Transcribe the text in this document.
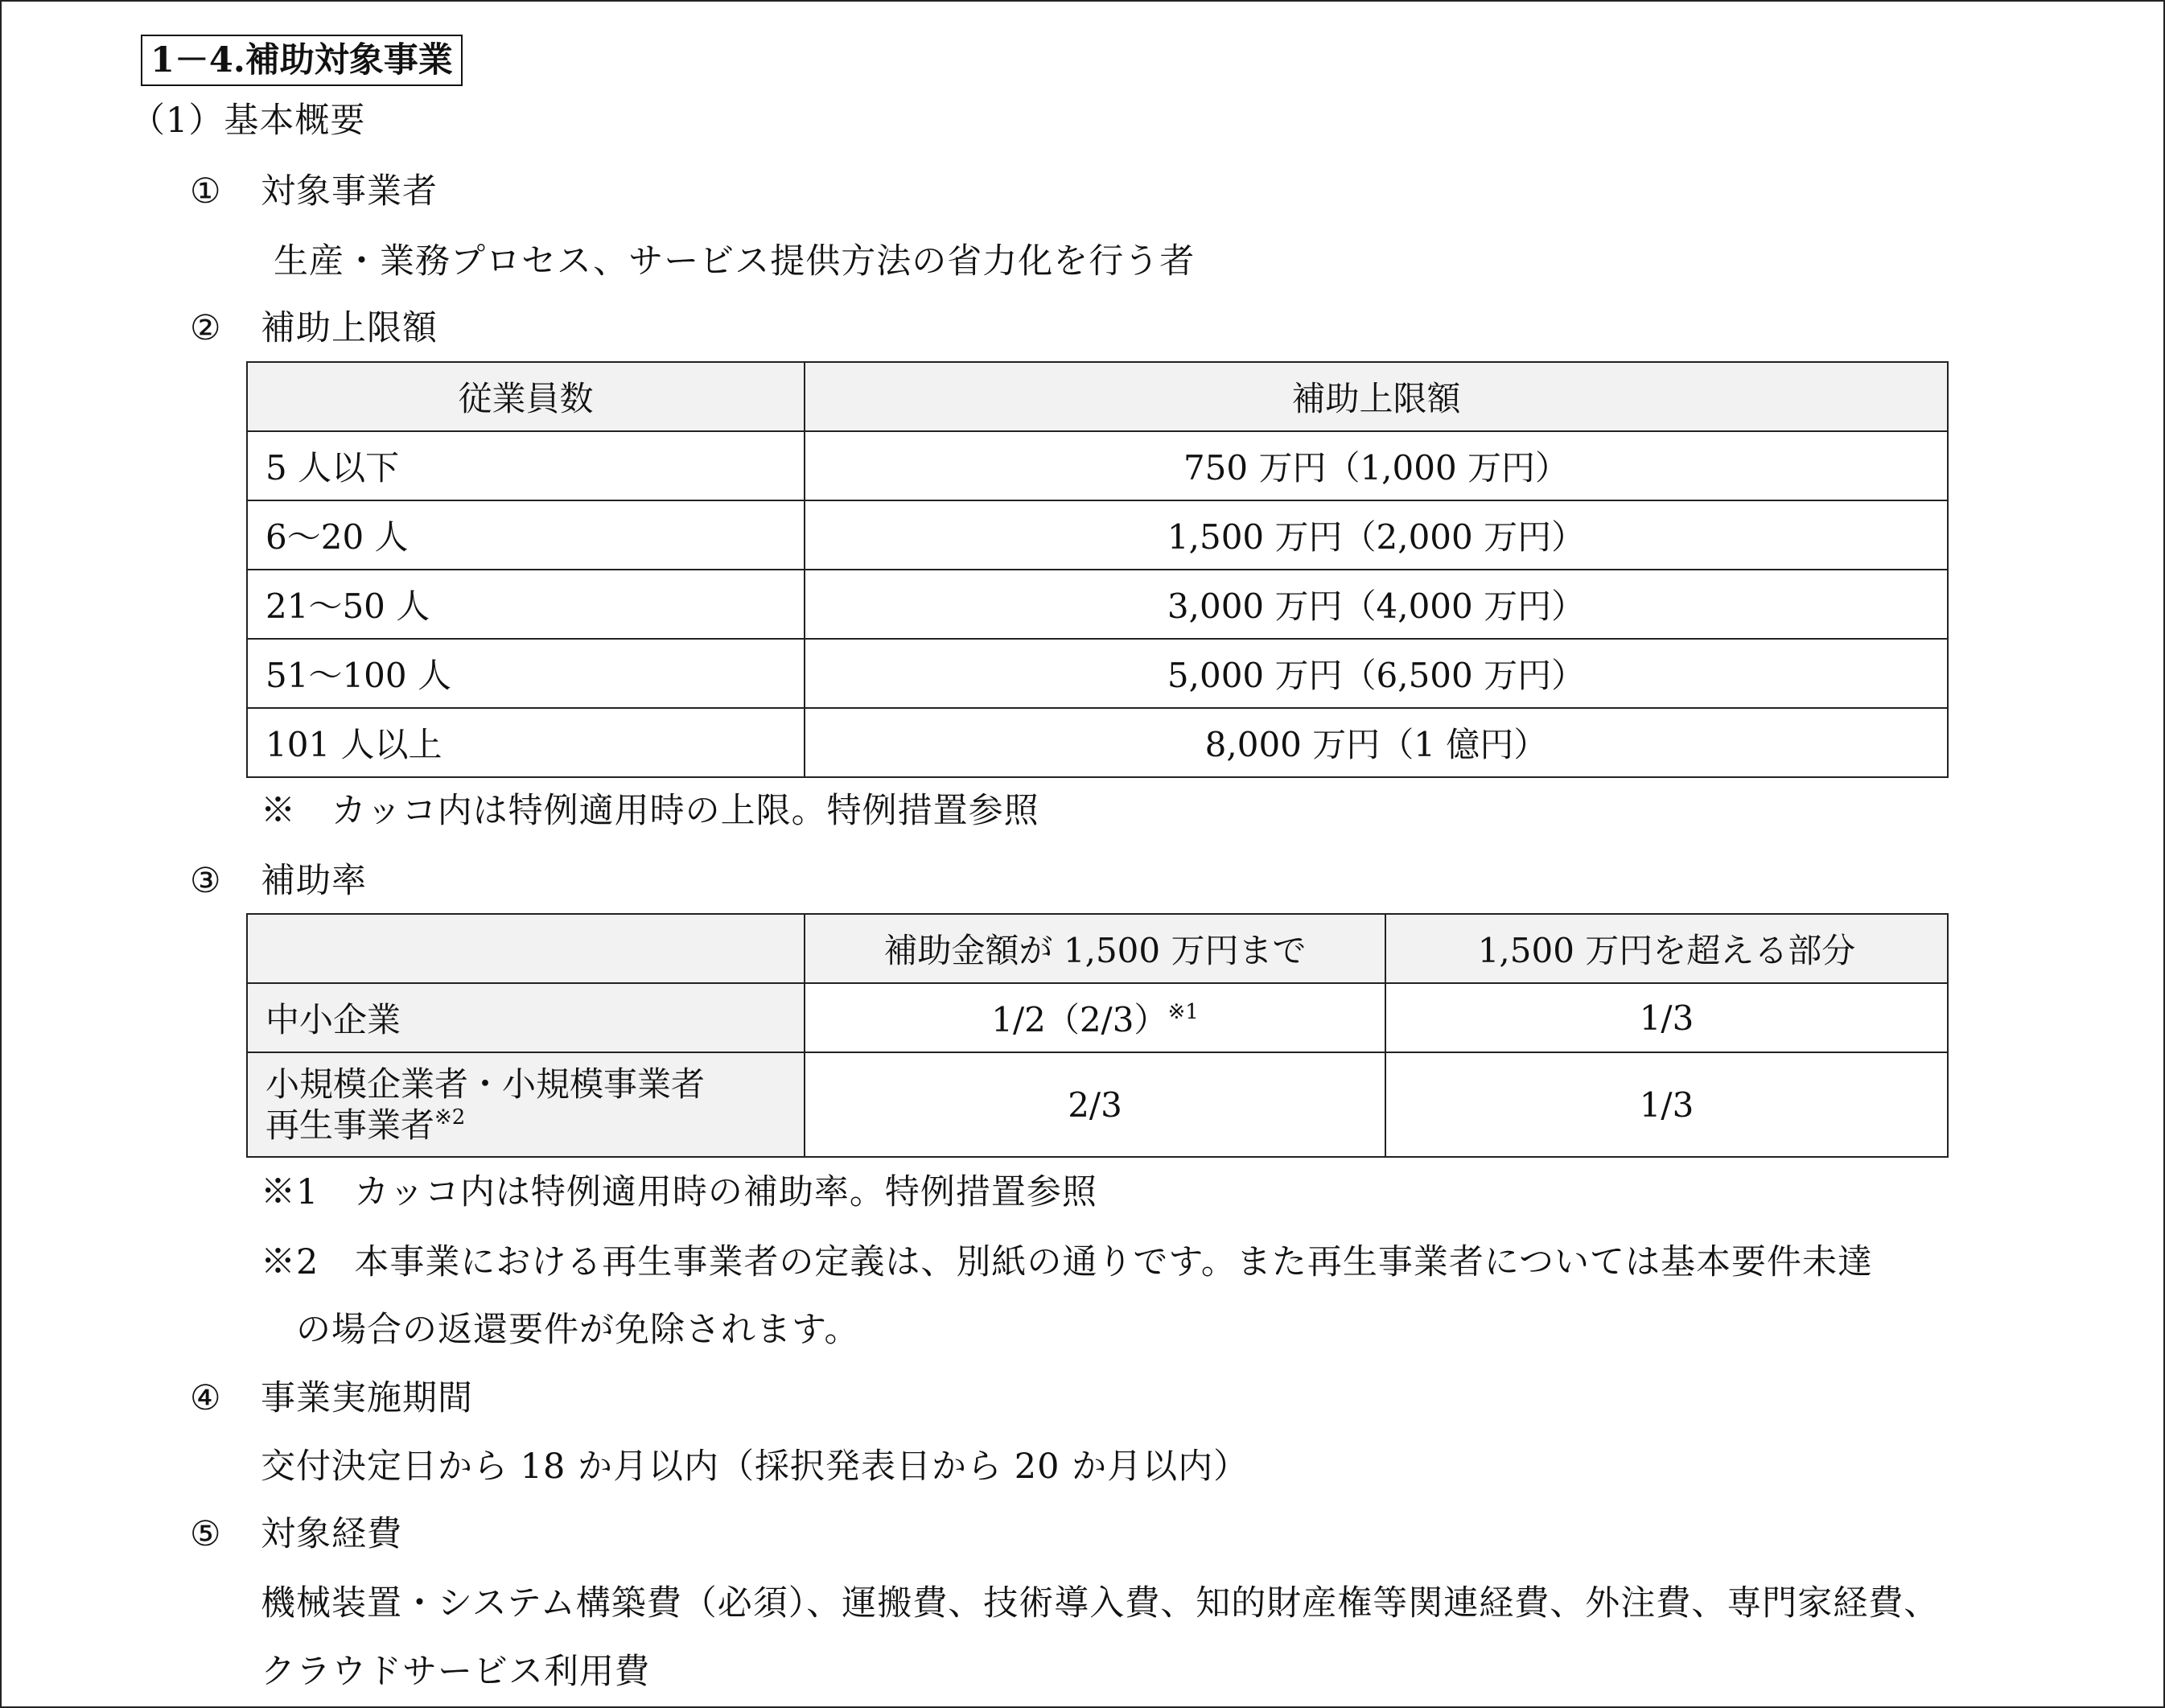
1－4.補助対象事業
（1）基本概要
① 対象事業者
生産・業務プロセス、サービス提供方法の省力化を行う者
② 補助上限額
従業員数	補助上限額
5 人以下	750 万円（1,000 万円）
6～20 人	1,500 万円（2,000 万円）
21～50 人	3,000 万円（4,000 万円）
51～100 人	5,000 万円（6,500 万円）
101 人以上	8,000 万円（1 億円）
※　カッコ内は特例適用時の上限。特例措置参照
③ 補助率
	補助金額が 1,500 万円まで	1,500 万円を超える部分
中小企業	$1/2(2/3)^{※1}$	1/3

小規模企業者・小規模事業者
再生事業者$^{※2}$	2/3	1/3
※1　カッコ内は特例適用時の補助率。特例措置参照
※2　本事業における再生事業者の定義は、別紙の通りです。また再生事業者については基本要件未達
の場合の返還要件が免除されます。
④ 事業実施期間
交付決定日から 18 か月以内（採択発表日から 20 か月以内）
⑤ 対象経費
機械装置・システム構築費（必須）、運搬費、技術導入費、知的財産権等関連経費、外注費、専門家経費、
クラウドサービス利用費
